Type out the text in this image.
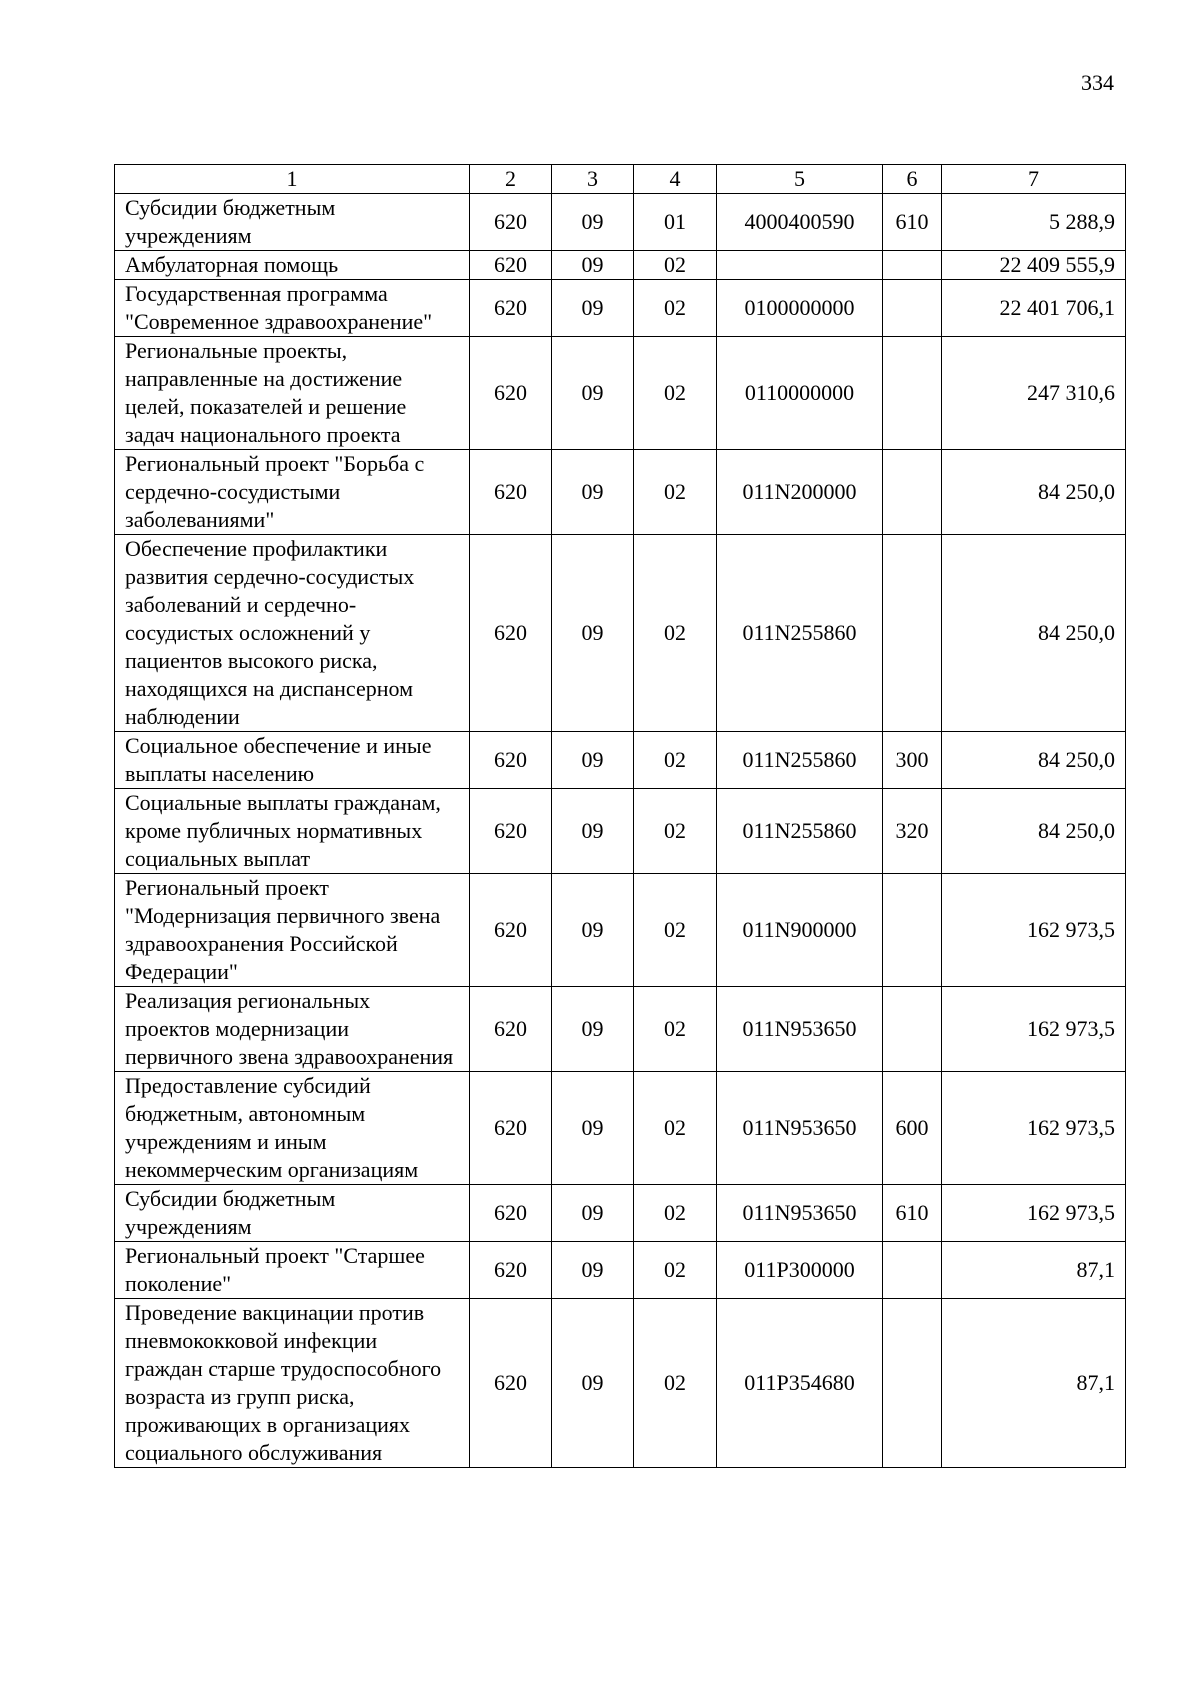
334
1	2	3	4	5	6	7
Субсидии бюджетным учреждениям	620	09	01	4000400590	610	5 288,9
Амбулаторная помощь	620	09	02			22 409 555,9
Государственная программа "Современное здравоохранение"	620	09	02	0100000000		22 401 706,1
Региональные проекты, направленные на достижение целей, показателей и решение задач национального проекта	620	09	02	0110000000		247 310,6
Региональный проект "Борьба с сердечно-сосудистыми заболеваниями"	620	09	02	011N200000		84 250,0
Обеспечение профилактики развития сердечно-сосудистых заболеваний и сердечно-сосудистых осложнений у пациентов высокого риска, находящихся на диспансерном наблюдении	620	09	02	011N255860		84 250,0
Социальное обеспечение и иные выплаты населению	620	09	02	011N255860	300	84 250,0
Социальные выплаты гражданам, кроме публичных нормативных социальных выплат	620	09	02	011N255860	320	84 250,0
Региональный проект "Модернизация первичного звена здравоохранения Российской Федерации"	620	09	02	011N900000		162 973,5
Реализация региональных проектов модернизации первичного звена здравоохранения	620	09	02	011N953650		162 973,5
Предоставление субсидий бюджетным, автономным учреждениям и иным некоммерческим организациям	620	09	02	011N953650	600	162 973,5
Субсидии бюджетным учреждениям	620	09	02	011N953650	610	162 973,5
Региональный проект "Старшее поколение"	620	09	02	011P300000		87,1
Проведение вакцинации против пневмококковой инфекции граждан старше трудоспособного возраста из групп риска, проживающих в организациях социального обслуживания	620	09	02	011P354680		87,1
